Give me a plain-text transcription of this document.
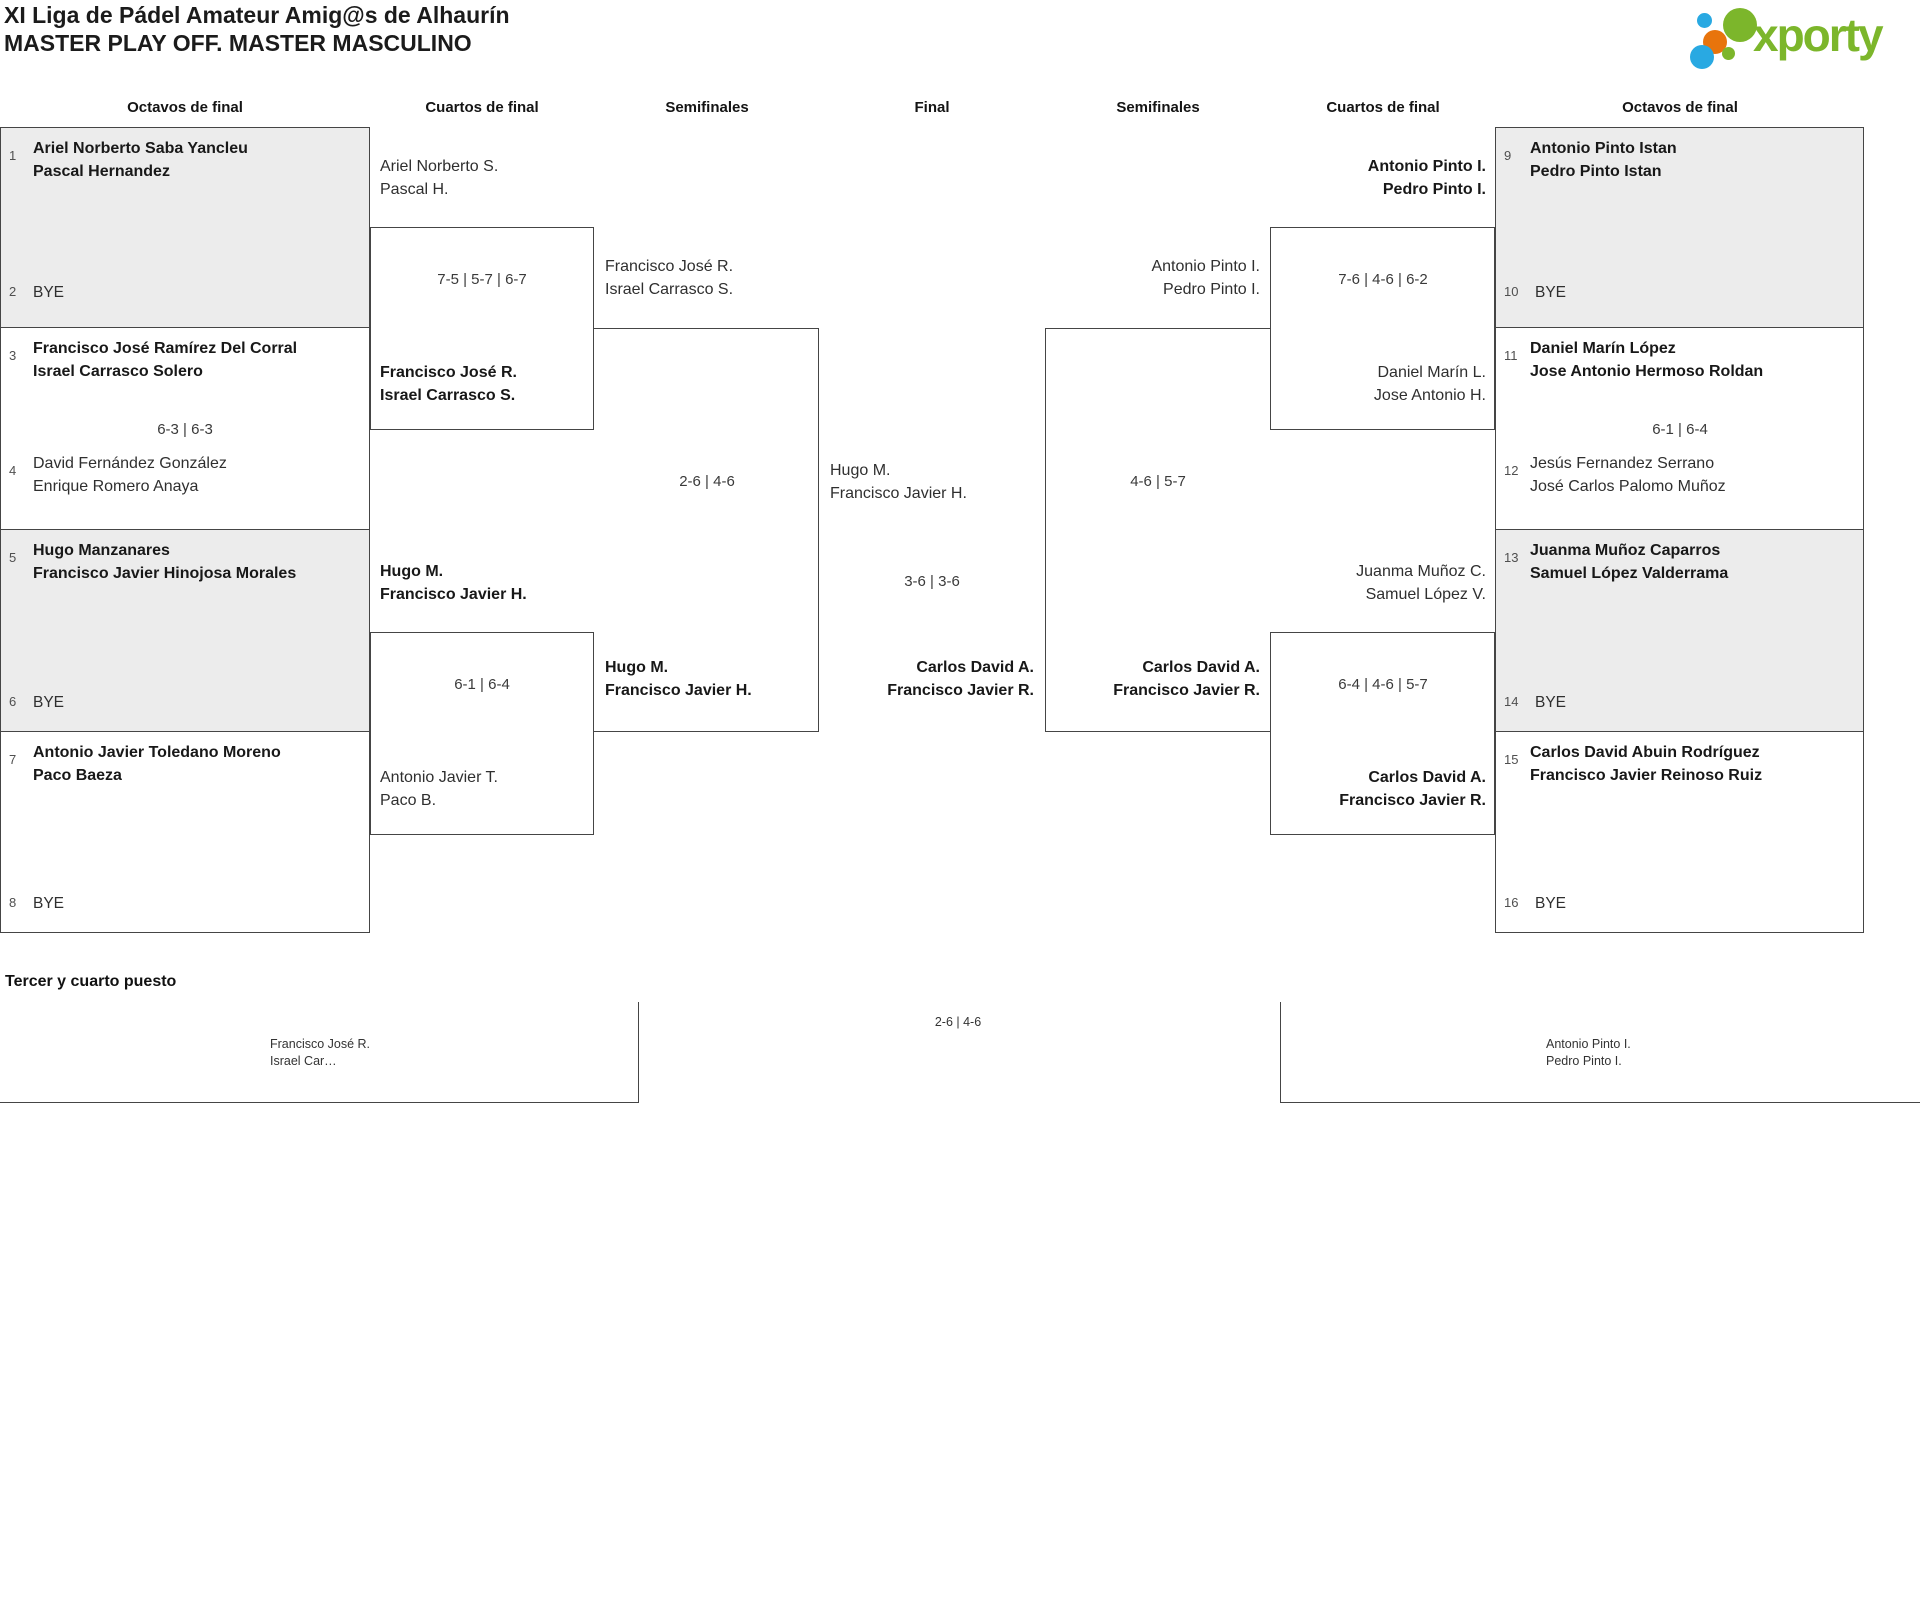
XI Liga de Pádel Amateur Amig@s de Alhaurín
MASTER PLAY OFF. MASTER MASCULINO	xporty
Octavos de final	Cuartos de final	Semifinales	Final	Semifinales	Cuartos de final	Octavos de final
1 Ariel Norberto Saba Yancleu
Pascal Hernandez
2 BYE
3 Francisco José Ramírez Del Corral
Israel Carrasco Solero
6-3 | 6-3
4 David Fernández González
Enrique Romero Anaya
5 Hugo Manzanares
Francisco Javier Hinojosa Morales
6 BYE
7 Antonio Javier Toledano Moreno
Paco Baeza
8 BYE
9 Antonio Pinto Istan
Pedro Pinto Istan
10 BYE
11 Daniel Marín López
Jose Antonio Hermoso Roldan
6-1 | 6-4
12 Jesús Fernandez Serrano
José Carlos Palomo Muñoz
13 Juanma Muñoz Caparros
Samuel López Valderrama
14 BYE
15 Carlos David Abuin Rodríguez
Francisco Javier Reinoso Ruiz
16 BYE
Ariel Norberto S.
Pascal H.
7-5 | 5-7 | 6-7
Francisco José R.
Israel Carrasco S.
Hugo M.
Francisco Javier H.
6-1 | 6-4
Antonio Javier T.
Paco B.
Antonio Pinto I.
Pedro Pinto I.
7-6 | 4-6 | 6-2
Daniel Marín L.
Jose Antonio H.
Juanma Muñoz C.
Samuel López V.
6-4 | 4-6 | 5-7
Carlos David A.
Francisco Javier R.
Francisco José R.
Israel Carrasco S.
2-6 | 4-6
Hugo M.
Francisco Javier H.
Antonio Pinto I.
Pedro Pinto I.
4-6 | 5-7
Carlos David A.
Francisco Javier R.
Hugo M.
Francisco Javier H.
3-6 | 3-6
Carlos David A.
Francisco Javier R.
Tercer y cuarto puesto
Francisco José R.
Israel Car…
2-6 | 4-6
Antonio Pinto I.
Pedro Pinto I.
